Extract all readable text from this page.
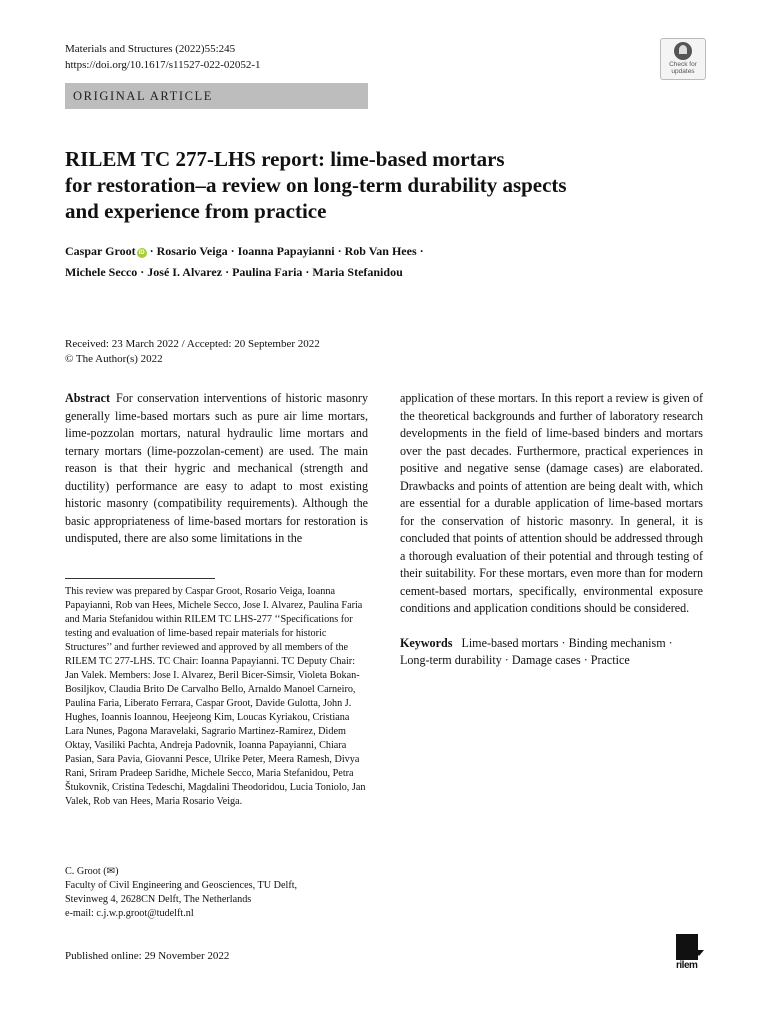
Materials and Structures (2022)55:245
https://doi.org/10.1617/s11527-022-02052-1	Check for
updates
ORIGINAL ARTICLE
RILEM TC 277-LHS report: lime-based mortars
for restoration–a review on long-term durability aspects
and experience from practice
Caspar Groot iD · Rosario Veiga · Ioanna Papayianni · Rob Van Hees ·
Michele Secco · José I. Alvarez · Paulina Faria · Maria Stefanidou
Received: 23 March 2022 / Accepted: 20 September 2022
© The Author(s) 2022

Abstract For conservation interventions of historic masonry generally lime-based mortars such as pure air lime mortars, lime-pozzolan mortars, natural hydraulic lime mortars and ternary mortars (lime-pozzolan-cement) are used. The main reason is that their hygric and mechanical (strength and ductility) performance are easy to adapt to most existing historic masonry (compatibility requirements). Although the basic appropriateness of lime-based mortars for restoration is undisputed, there are also some limitations in the

This review was prepared by Caspar Groot, Rosario Veiga, Ioanna Papayianni, Rob van Hees, Michele Secco, Jose I. Alvarez, Paulina Faria and Maria Stefanidou within RILEM TC LHS-277 ‘‘Specifications for testing and evaluation of lime-based repair materials for historic Structures’’ and further reviewed and approved by all members of the RILEM TC 277-LHS. TC Chair: Ioanna Papayianni. TC Deputy Chair: Jan Valek. Members: Jose I. Alvarez, Beril Bicer-Simsir, Violeta Bokan-Bosiljkov, Claudia Brito De Carvalho Bello, Arnaldo Manoel Carneiro, Paulina Faria, Liberato Ferrara, Caspar Groot, Davide Gulotta, John J. Hughes, Ioannis Ioannou, Heejeong Kim, Loucas Kyriakou, Cristiana Lara Nunes, Pagona Maravelaki, Sagrario Martinez-Ramirez, Didem Oktay, Vasiliki Pachta, Andreja Padovnik, Ioanna Papayianni, Chiara Pasian, Sara Pavia, Giovanni Pesce, Ulrike Peter, Meera Ramesh, Divya Rani, Sriram Pradeep Saridhe, Michele Secco, Maria Stefanidou, Petra Štukovnik, Cristina Tedeschi, Magdalini Theodoridou, Lucia Toniolo, Jan Valek, Rob van Hees, Maria Rosario Veiga.
C. Groot (✉)
Faculty of Civil Engineering and Geosciences, TU Delft,
Stevinweg 4, 2628CN Delft, The Netherlands
e-mail: c.j.w.p.groot@tudelft.nl

application of these mortars. In this report a review is given of the theoretical backgrounds and further of laboratory research developments in the field of lime-based binders and mortars over the past decades. Furthermore, practical experiences in positive and negative sense (damage cases) are elaborated. Drawbacks and points of attention are being dealt with, which are essential for a durable application of lime-based mortars for the conservation of historic masonry. In general, it is concluded that points of attention should be addressed through a thorough evaluation of their potential and through testing of their suitability. For these mortars, even more than for modern cement-based mortars, specifically, environmental exposure conditions and application conditions should be considered.

Keywords Lime-based mortars · Binding mechanism · Long-term durability · Damage cases · Practice

Published online: 29 November 2022
rilem
